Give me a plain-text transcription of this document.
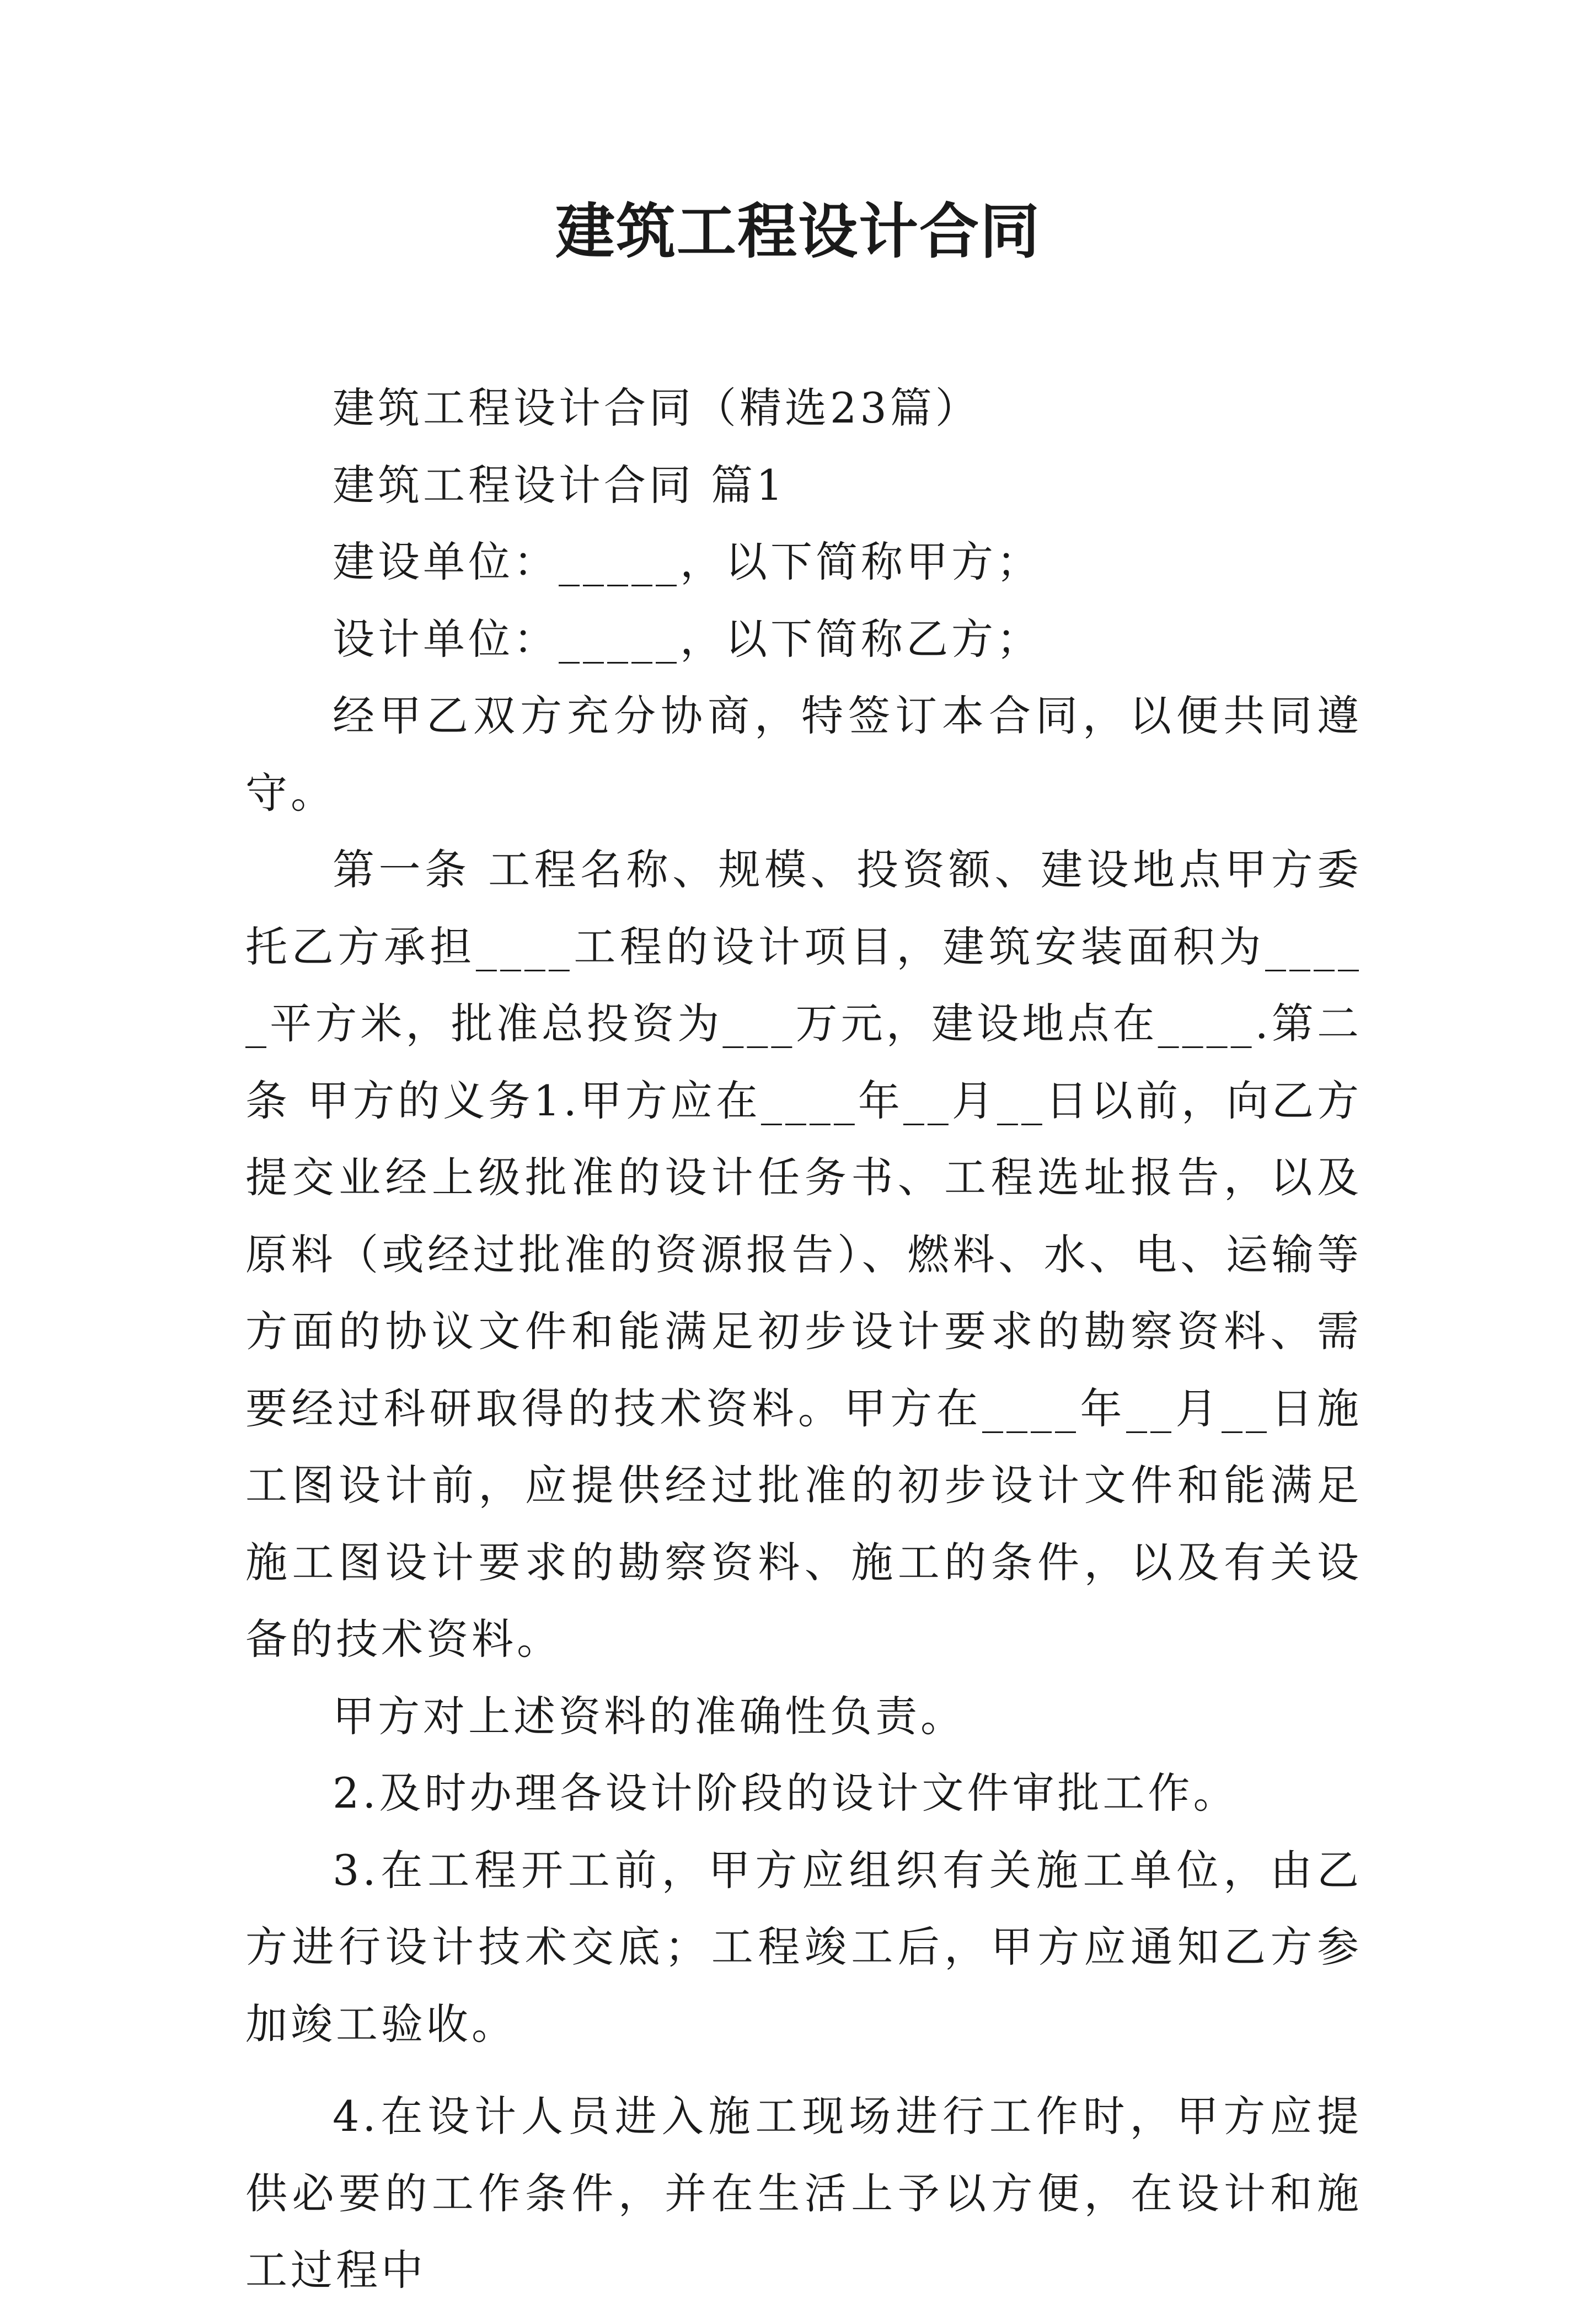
建筑工程设计合同

建筑工程设计合同（精选23篇）

建筑工程设计合同 篇1

建设单位：_____，以下简称甲方；

设计单位：_____，以下简称乙方；

经甲乙双方充分协商，特签订本合同，以便共同遵守。

第一条 工程名称、规模、投资额、建设地点甲方委托乙方承担____工程的设计项目，建筑安装面积为_____平方米，批准总投资为___万元，建设地点在____.第二条 甲方的义务1.甲方应在____年__月__日以前，向乙方提交业经上级批准的设计任务书、工程选址报告，以及原料（或经过批准的资源报告）、燃料、水、电、运输等方面的协议文件和能满足初步设计要求的勘察资料、需要经过科研取得的技术资料。甲方在____年__月__日施工图设计前，应提供经过批准的初步设计文件和能满足施工图设计要求的勘察资料、施工的条件，以及有关设备的技术资料。

甲方对上述资料的准确性负责。

2.及时办理各设计阶段的设计文件审批工作。

3.在工程开工前，甲方应组织有关施工单位，由乙方进行设计技术交底；工程竣工后，甲方应通知乙方参加竣工验收。

4.在设计人员进入施工现场进行工作时，甲方应提供必要的工作条件，并在生活上予以方便，在设计和施工过程中
